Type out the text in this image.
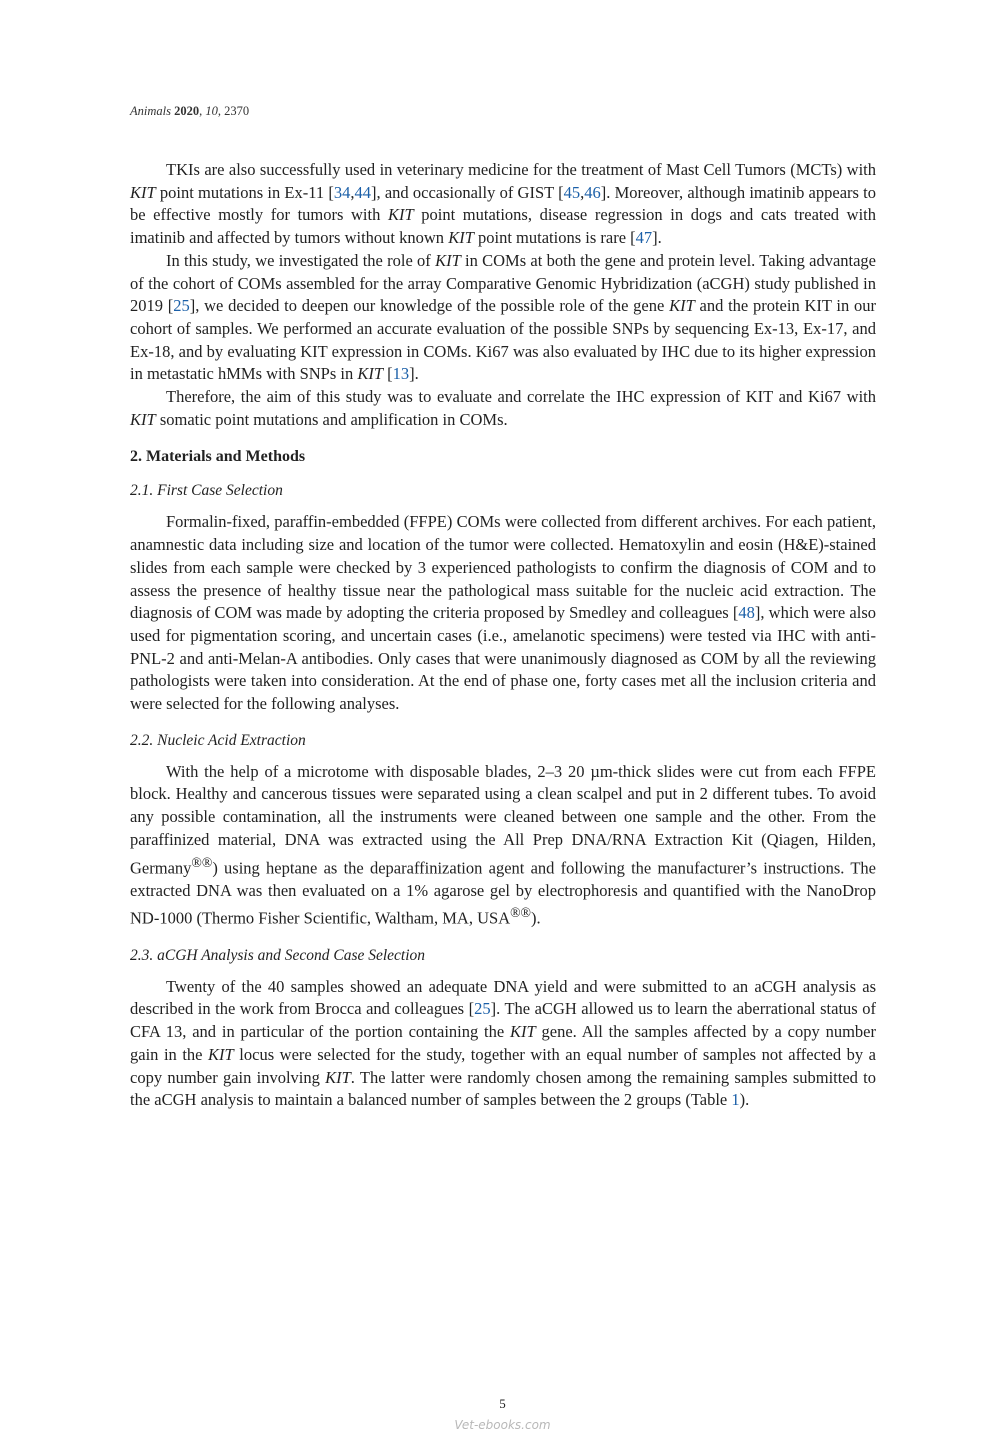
Animals 2020, 10, 2370

TKIs are also successfully used in veterinary medicine for the treatment of Mast Cell Tumors (MCTs) with KIT point mutations in Ex-11 [34,44], and occasionally of GIST [45,46]. Moreover, although imatinib appears to be effective mostly for tumors with KIT point mutations, disease regression in dogs and cats treated with imatinib and affected by tumors without known KIT point mutations is rare [47].

In this study, we investigated the role of KIT in COMs at both the gene and protein level. Taking advantage of the cohort of COMs assembled for the array Comparative Genomic Hybridization (aCGH) study published in 2019 [25], we decided to deepen our knowledge of the possible role of the gene KIT and the protein KIT in our cohort of samples. We performed an accurate evaluation of the possible SNPs by sequencing Ex-13, Ex-17, and Ex-18, and by evaluating KIT expression in COMs. Ki67 was also evaluated by IHC due to its higher expression in metastatic hMMs with SNPs in KIT [13].

Therefore, the aim of this study was to evaluate and correlate the IHC expression of KIT and Ki67 with KIT somatic point mutations and amplification in COMs.

2. Materials and Methods
2.1. First Case Selection

Formalin-fixed, paraffin-embedded (FFPE) COMs were collected from different archives. For each patient, anamnestic data including size and location of the tumor were collected. Hematoxylin and eosin (H&E)-stained slides from each sample were checked by 3 experienced pathologists to confirm the diagnosis of COM and to assess the presence of healthy tissue near the pathological mass suitable for the nucleic acid extraction. The diagnosis of COM was made by adopting the criteria proposed by Smedley and colleagues [48], which were also used for pigmentation scoring, and uncertain cases (i.e., amelanotic specimens) were tested via IHC with anti-PNL-2 and anti-Melan-A antibodies. Only cases that were unanimously diagnosed as COM by all the reviewing pathologists were taken into consideration. At the end of phase one, forty cases met all the inclusion criteria and were selected for the following analyses.

2.2. Nucleic Acid Extraction

With the help of a microtome with disposable blades, 2–3 20 µm-thick slides were cut from each FFPE block. Healthy and cancerous tissues were separated using a clean scalpel and put in 2 different tubes. To avoid any possible contamination, all the instruments were cleaned between one sample and the other. From the paraffinized material, DNA was extracted using the All Prep DNA/RNA Extraction Kit (Qiagen, Hilden, Germany®®) using heptane as the deparaffinization agent and following the manufacturer’s instructions. The extracted DNA was then evaluated on a 1% agarose gel by electrophoresis and quantified with the NanoDrop ND-1000 (Thermo Fisher Scientific, Waltham, MA, USA®®).

2.3. aCGH Analysis and Second Case Selection

Twenty of the 40 samples showed an adequate DNA yield and were submitted to an aCGH analysis as described in the work from Brocca and colleagues [25]. The aCGH allowed us to learn the aberrational status of CFA 13, and in particular of the portion containing the KIT gene. All the samples affected by a copy number gain in the KIT locus were selected for the study, together with an equal number of samples not affected by a copy number gain involving KIT. The latter were randomly chosen among the remaining samples submitted to the aCGH analysis to maintain a balanced number of samples between the 2 groups (Table 1).

5
Vet-ebooks.com
